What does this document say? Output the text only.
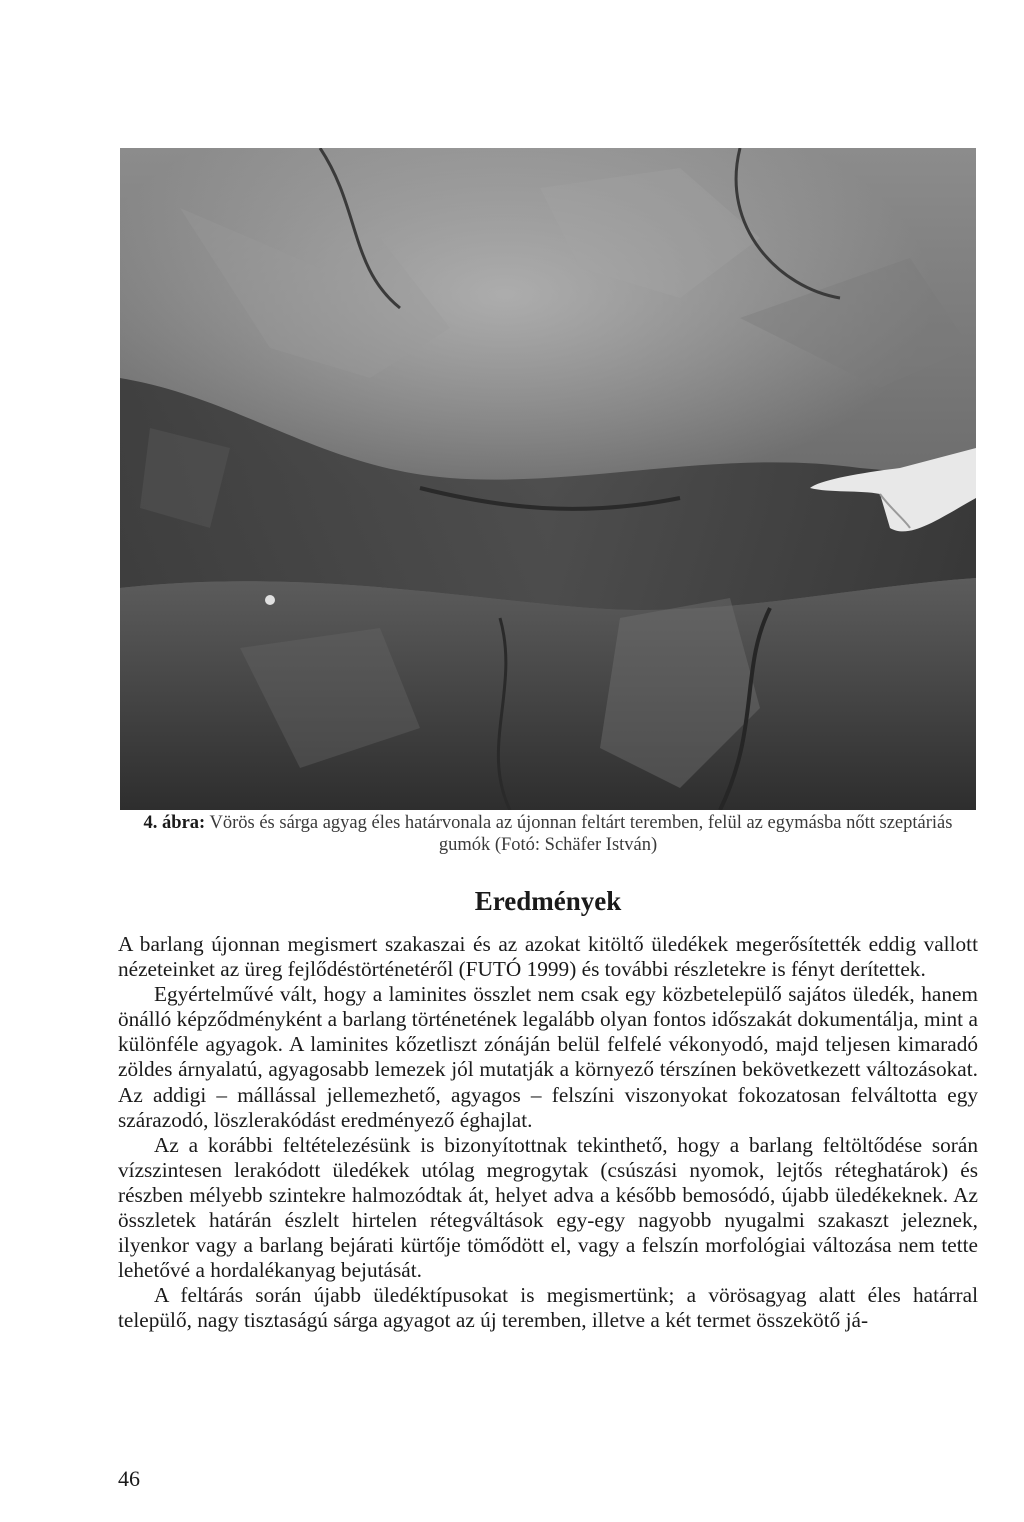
4. ábra: Vörös és sárga agyag éles határvonala az újonnan feltárt teremben, felül az egymásba nőtt szeptáriás gumók (Fotó: Schäfer István)
Eredmények

A barlang újonnan megismert szakaszai és az azokat kitöltő üledékek megerősítették eddig vallott nézeteinket az üreg fejlődéstörténetéről (FUTÓ 1999) és további részletekre is fényt derítettek.

Egyértelművé vált, hogy a laminites összlet nem csak egy közbetelepülő sajátos üledék, hanem önálló képződményként a barlang történetének legalább olyan fontos időszakát dokumentálja, mint a különféle agyagok. A laminites kőzetliszt zónáján belül felfelé vékonyodó, majd teljesen kimaradó zöldes árnyalatú, agyagosabb lemezek jól mutatják a környező térszínen bekövetkezett változásokat. Az addigi – mállással jellemezhető, agyagos – felszíni viszonyokat fokozatosan felváltotta egy szárazodó, löszlerakódást eredményező éghajlat.

Az a korábbi feltételezésünk is bizonyítottnak tekinthető, hogy a barlang feltöltődése során vízszintesen lerakódott üledékek utólag megrogytak (csúszási nyomok, lejtős réteghatárok) és részben mélyebb szintekre halmozódtak át, helyet adva a később bemosódó, újabb üledékeknek. Az összletek határán észlelt hirtelen rétegváltások egy-egy nagyobb nyugalmi szakaszt jeleznek, ilyenkor vagy a barlang bejárati kürtője tömődött el, vagy a felszín morfológiai változása nem tette lehetővé a hordalékanyag bejutását.

A feltárás során újabb üledéktípusokat is megismertünk; a vörösagyag alatt éles határral települő, nagy tisztaságú sárga agyagot az új teremben, illetve a két termet összekötő já-

46
